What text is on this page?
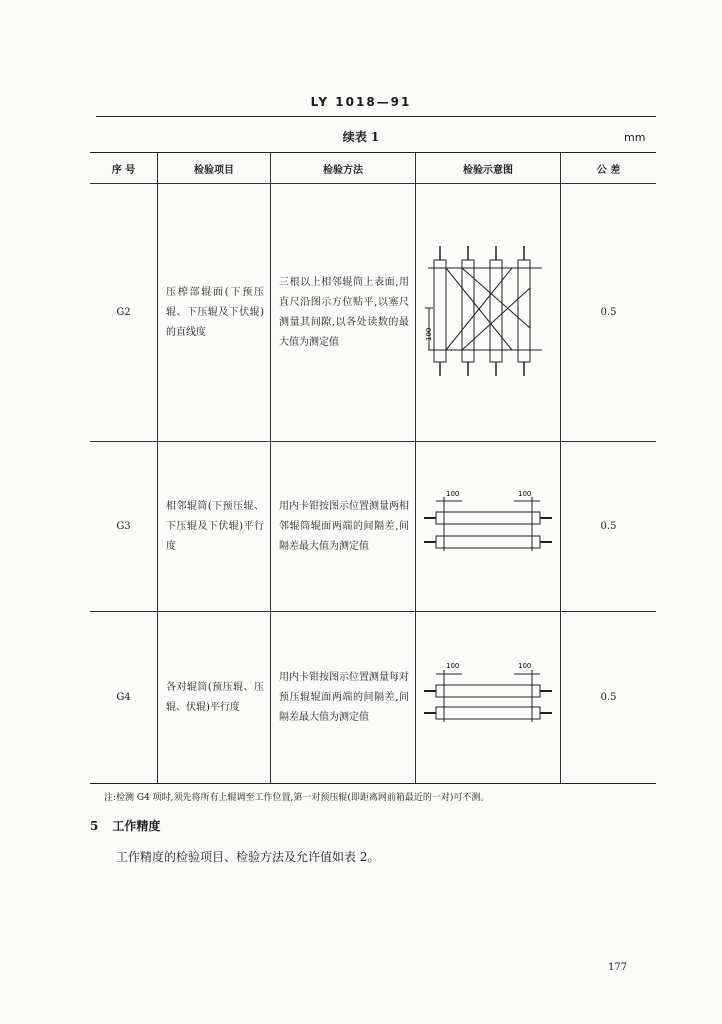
LY 1018—91
续表 1	mm
序 号	检验项目	检验方法	检验示意图	公 差
G2	压榨部辊面(下预压辊、下压辊及下伏辊)的直线度	三根以上相邻辊筒上表面,用直尺沿图示方位贴平,以塞尺测量其间隙,以各处读数的最大值为测定值	100	0.5
G3	相邻辊筒(下预压辊、下压辊及下伏辊)平行度	用内卡钳按图示位置测量两相邻辊筒辊面两端的间隔差,间隔差最大值为测定值	100 100	0.5
G4	各对辊筒(预压辊、压辊、伏辊)平行度	用内卡钳按图示位置测量每对预压辊辊面两端的间隔差,间隔差最大值为测定值	100 100	0.5
注:检测 G4 项时,须先将所有上辊调至工作位置,第一对预压辊(即距离网前箱最近的一对)可不测。
5 工作精度
工作精度的检验项目、检验方法及允许值如表 2。
177
